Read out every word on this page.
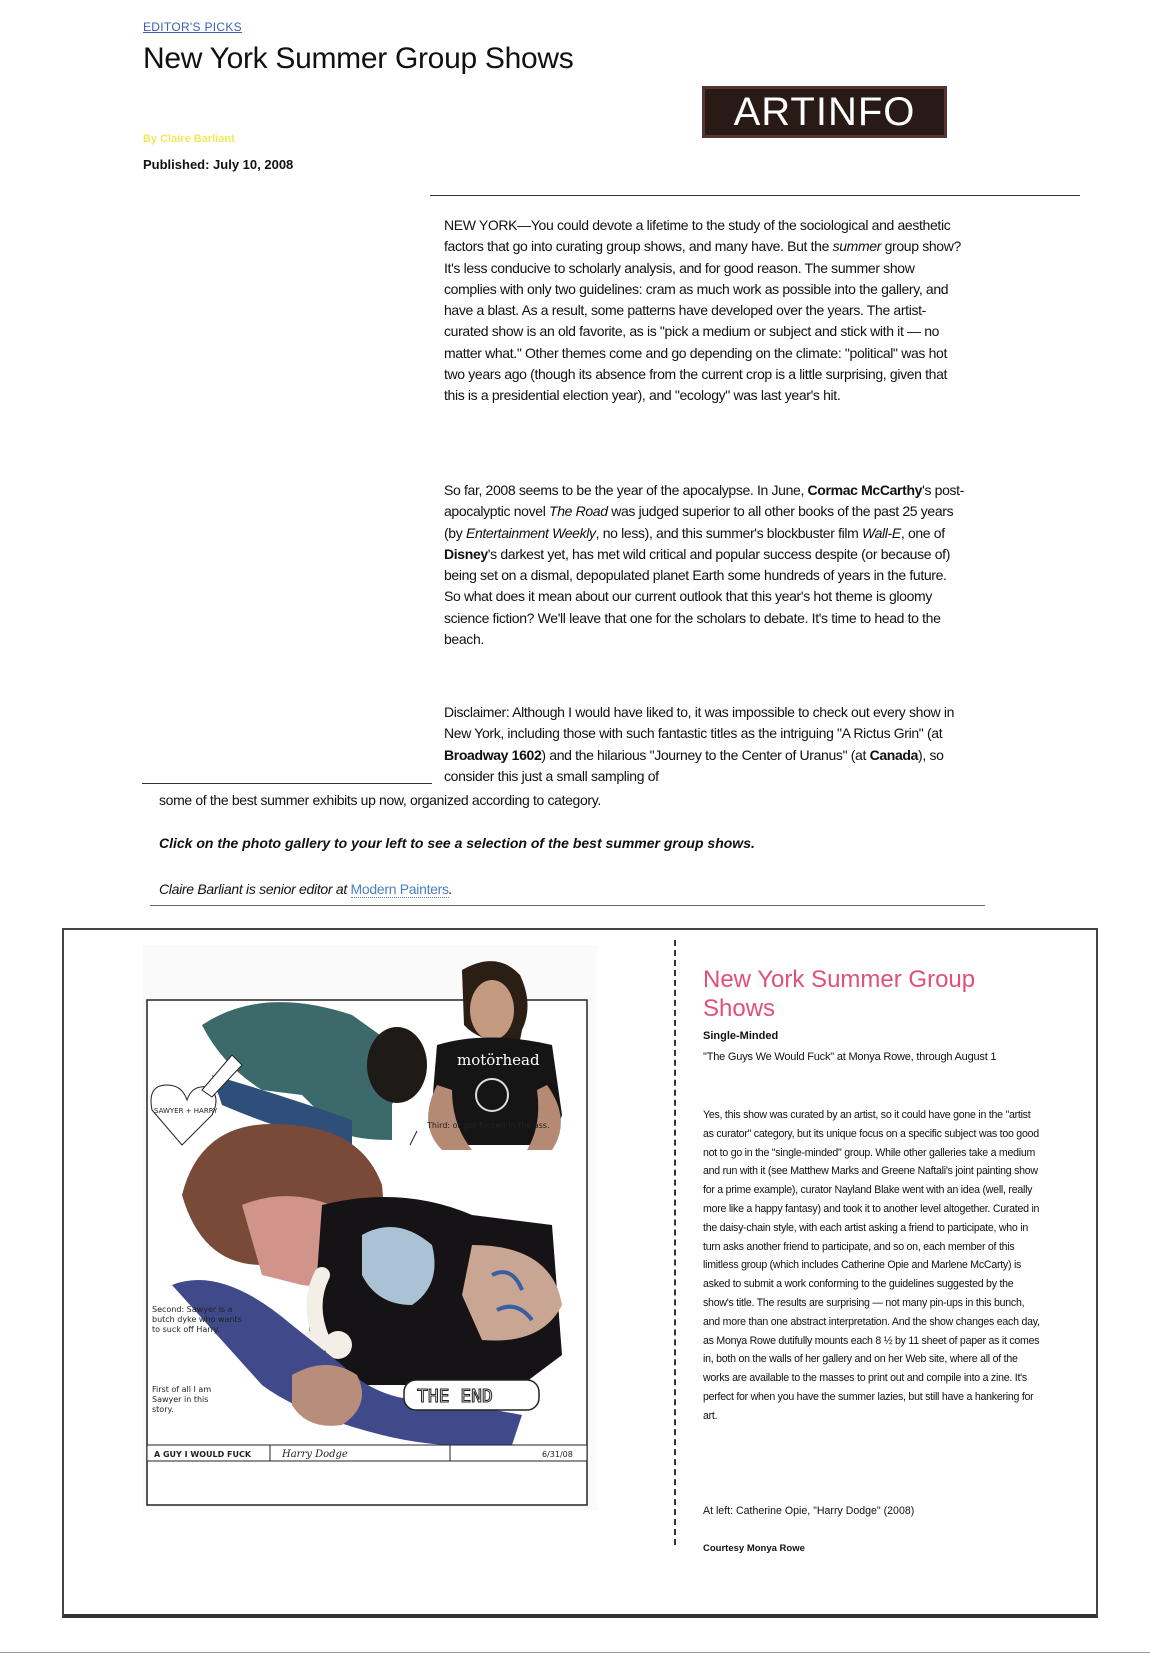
EDITOR'S PICKS
New York Summer Group Shows
ARTINFO
By Claire Barliant
Published: July 10, 2008
NEW YORK—You could devote a lifetime to the study of the sociological and aesthetic factors that go into curating group shows, and many have. But the summer group show? It's less conducive to scholarly analysis, and for good reason. The summer show complies with only two guidelines: cram as much work as possible into the gallery, and have a blast. As a result, some patterns have developed over the years. The artist-curated show is an old favorite, as is "pick a medium or subject and stick with it — no matter what." Other themes come and go depending on the climate: "political" was hot two years ago (though its absence from the current crop is a little surprising, given that this is a presidential election year), and "ecology" was last year's hit.
So far, 2008 seems to be the year of the apocalypse. In June, Cormac McCarthy's post-apocalyptic novel The Road was judged superior to all other books of the past 25 years (by Entertainment Weekly, no less), and this summer's blockbuster film Wall-E, one of Disney's darkest yet, has met wild critical and popular success despite (or because of) being set on a dismal, depopulated planet Earth some hundreds of years in the future. So what does it mean about our current outlook that this year's hot theme is gloomy science fiction? We'll leave that one for the scholars to debate. It's time to head to the beach.
Disclaimer: Although I would have liked to, it was impossible to check out every show in New York, including those with such fantastic titles as the intriguing "A Rictus Grin" (at Broadway 1602) and the hilarious "Journey to the Center of Uranus" (at Canada), so consider this just a small sampling of
some of the best summer exhibits up now, organized according to category.
Click on the photo gallery to your left to see a selection of the best summer group shows.
Claire Barliant is senior editor at Modern Painters.
motörhead
SAWYER + HARRY
Third: or get fucked in the ass.
Second: Sawyer is a butch dyke who wants to suck off Harry.
First of all I am Sawyer in this story.
THE END
A GUY I WOULD FUCK	Harry Dodge	6/31/08
New York Summer Group Shows
Single-Minded
"The Guys We Would Fuck" at Monya Rowe, through August 1
Yes, this show was curated by an artist, so it could have gone in the "artist as curator" category, but its unique focus on a specific subject was too good not to go in the "single-minded" group. While other galleries take a medium and run with it (see Matthew Marks and Greene Naftali's joint painting show for a prime example), curator Nayland Blake went with an idea (well, really more like a happy fantasy) and took it to another level altogether. Curated in the daisy-chain style, with each artist asking a friend to participate, who in turn asks another friend to participate, and so on, each member of this limitless group (which includes Catherine Opie and Marlene McCarty) is asked to submit a work conforming to the guidelines suggested by the show's title. The results are surprising — not many pin-ups in this bunch, and more than one abstract interpretation. And the show changes each day, as Monya Rowe dutifully mounts each 8 ½ by 11 sheet of paper as it comes in, both on the walls of her gallery and on her Web site, where all of the works are available to the masses to print out and compile into a zine. It's perfect for when you have the summer lazies, but still have a hankering for art.
At left: Catherine Opie, "Harry Dodge" (2008)
Courtesy Monya Rowe
